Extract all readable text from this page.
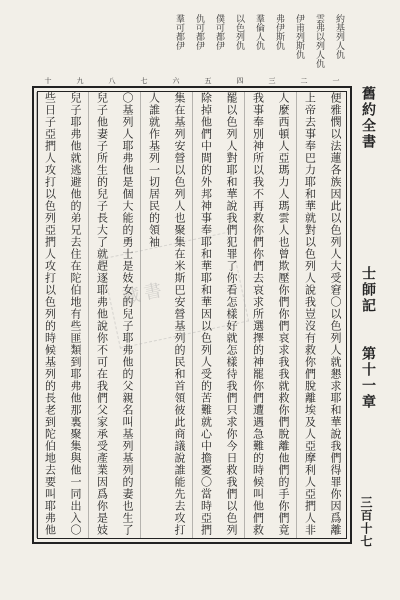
約基列人仇
雲弗以列人仇
伊甫列斯仇
弗伊斯仇
羣倫人仇
以色列仇
僕可都伊
仇可都伊
羣可都伊
一
二
三
四
五
六
七
八
九
十
便雅憫以法蓮各族因此以色列人大受窘〇以色列人就懇求耶和華說我們得罪你因爲離
上帝去事奉巴力耶和華就對以色列人說我豈沒有救你們脫離埃及人亞摩利人亞捫人非
人麼西頓人亞瑪力人瑪雲人也曾欺壓你們你們哀求我我就救你們脫離他們的手你們竟
我事奉別神所以我不再救你們你們去哀求所選擇的神罷你們遭遇急難的時候叫他們救
罷以色列人對耶和華說我們犯罪了你看怎樣好就怎樣待我們只求你今日救我們以色列
除掉他們中間的外邦神事奉耶和華耶和華因以色列人受的苦難就心中擔憂〇當時亞捫
集在基列安營以色列人也聚集在米斯巴安營基列的民和首領彼此商議說誰能先去攻打
人誰就作基列一切居民的領袖
〇基列人耶弗他是個大能的勇士是妓女的兒子耶弗他的父親名叫基列基列的妻也生了
兒子他妻子所生的兒子長大了就趕逐耶弗他說你不可在我們父家承受產業因爲你是妓
兒子耶弗他就逃避他的弟兄去住在陀伯地有些匪類到耶弗他那裏聚集與他一同出入〇
些日子亞捫人攻打以色列亞捫人攻打以色列的時候基列的長老到陀伯地去要叫耶弗他
藏書
舊約全書
士師記
第十一章
三百十七
